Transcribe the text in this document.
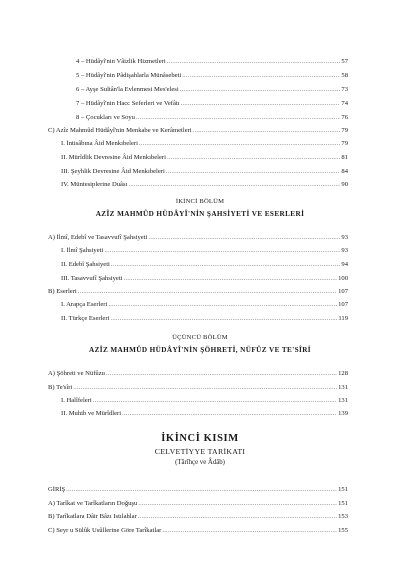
4 – Hüdâyî'nin Vâizlik Hizmetleri .....	57
5 – Hüdâyî'nin Pâdişahlarla Münâsebeti .....	58
6 – Ayşe Sultân'la Evlenmesi Mes'elesi .....	73
7 – Hüdâyî'nin Hacc Seferleri ve Vefâtı .....	74
8 – Çocukları ve Soyu .....	76
C) Azîz Mahmûd Hüdâyî'nin Menkabe ve Kerâmetleri .....	79
I. İntisâbına Âid Menkıbeleri .....	79
II. Mürîdlik Devresine Âid Menkıbeleri .....	81
III. Şeyhlik Devresine Âid Menkıbeleri .....	84
IV. Müntesiplerine Duâsı .....	90
İKİNCİ BÖLÜM
AZÎZ MAHMÛD HÜDÂYÎ'NİN ŞAHSİYETİ VE ESERLERİ
A) İlmî, Edebî ve Tasavvufî Şahsiyeti .....	93
I. İlmî Şahsiyeti .....	93
II. Edebî Şahsiyeti .....	94
III. Tasavvufî Şahsiyeti .....	100
B) Eserleri .....	107
I. Arapça Eserleri .....	107
II. Türkçe Eserleri .....	119
ÜÇÜNCÜ BÖLÜM
AZÎZ MAHMÛD HÜDÂYÎ'NİN ŞÖHRETİ, NÜFÛZ VE TE'SÎRİ
A) Şöhreti ve Nüfûzu .....	128
B) Te'sîri .....	131
I. Halîfeleri .....	131
II. Muhib ve Mürîdleri .....	139
İKİNCİ KISIM
CELVETİYYE TARİKATI
(Târîhçe ve Âdâb)
GİRİŞ .....	151
A) Tarîkat ve Tarîkatların Doğuşu .....	151
B) Tarîkatlara Dâir Bâzı Istılahlar .....	153
C) Seyr u Sülûk Usûllerine Göre Tarîkatlar .....	155
